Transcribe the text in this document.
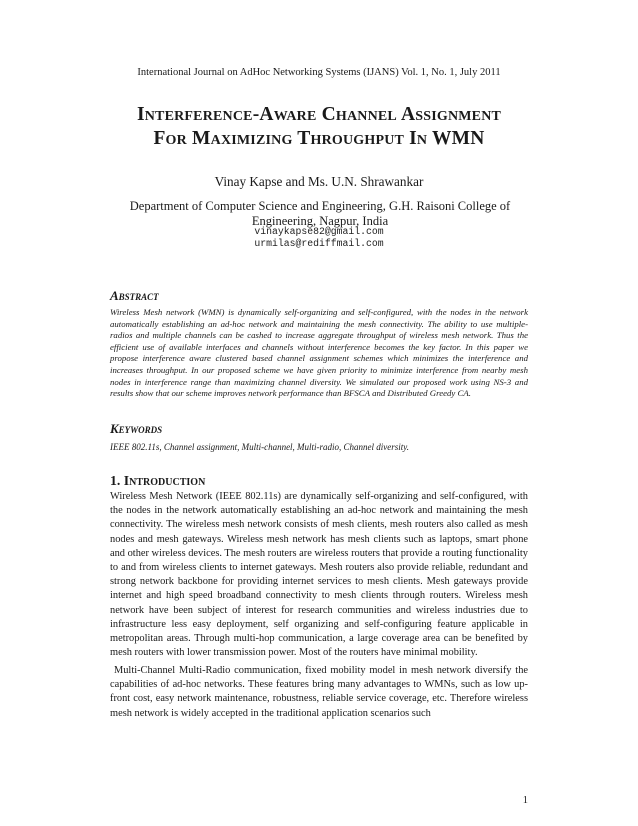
International Journal on AdHoc Networking Systems (IJANS) Vol. 1, No. 1, July 2011
Interference-Aware Channel Assignment
For Maximizing Throughput In WMN
Vinay Kapse and Ms. U.N. Shrawankar
Department of Computer Science and Engineering, G.H. Raisoni College of Engineering, Nagpur, India
vinaykapse82@gmail.com
urmilas@rediffmail.com
Abstract
Wireless Mesh network (WMN) is dynamically self-organizing and self-configured, with the nodes in the network automatically establishing an ad-hoc network and maintaining the mesh connectivity. The ability to use multiple-radios and multiple channels can be cashed to increase aggregate throughput of wireless mesh network. Thus the efficient use of available interfaces and channels without interference becomes the key factor. In this paper we propose interference aware clustered based channel assignment schemes which minimizes the interference and increases throughput. In our proposed scheme we have given priority to minimize interference from nearby mesh nodes in interference range than maximizing channel diversity. We simulated our proposed work using NS-3 and results show that our scheme improves network performance than BFSCA and Distributed Greedy CA.
Keywords
IEEE 802.11s, Channel assignment, Multi-channel, Multi-radio, Channel diversity.
1. Introduction
Wireless Mesh Network (IEEE 802.11s) are dynamically self-organizing and self-configured, with the nodes in the network automatically establishing an ad-hoc network and maintaining the mesh connectivity. The wireless mesh network consists of mesh clients, mesh routers also called as mesh nodes and mesh gateways. Wireless mesh network has mesh clients such as laptops, smart phone and other wireless devices. The mesh routers are wireless routers that provide a routing functionality to and from wireless clients to internet gateways. Mesh routers also provide reliable, redundant and strong network backbone for providing internet services to mesh clients. Mesh gateways provide internet and high speed broadband connectivity to mesh clients through routers. Wireless mesh network have been subject of interest for research communities and wireless industries due to infrastructure less easy deployment, self organizing and self-configuring feature applicable in metropolitan areas. Through multi-hop communication, a large coverage area can be benefited by mesh routers with lower transmission power. Most of the routers have minimal mobility.
Multi-Channel Multi-Radio communication, fixed mobility model in mesh network diversify the capabilities of ad-hoc networks. These features bring many advantages to WMNs, such as low up-front cost, easy network maintenance, robustness, reliable service coverage, etc. Therefore wireless mesh network is widely accepted in the traditional application scenarios such
1
